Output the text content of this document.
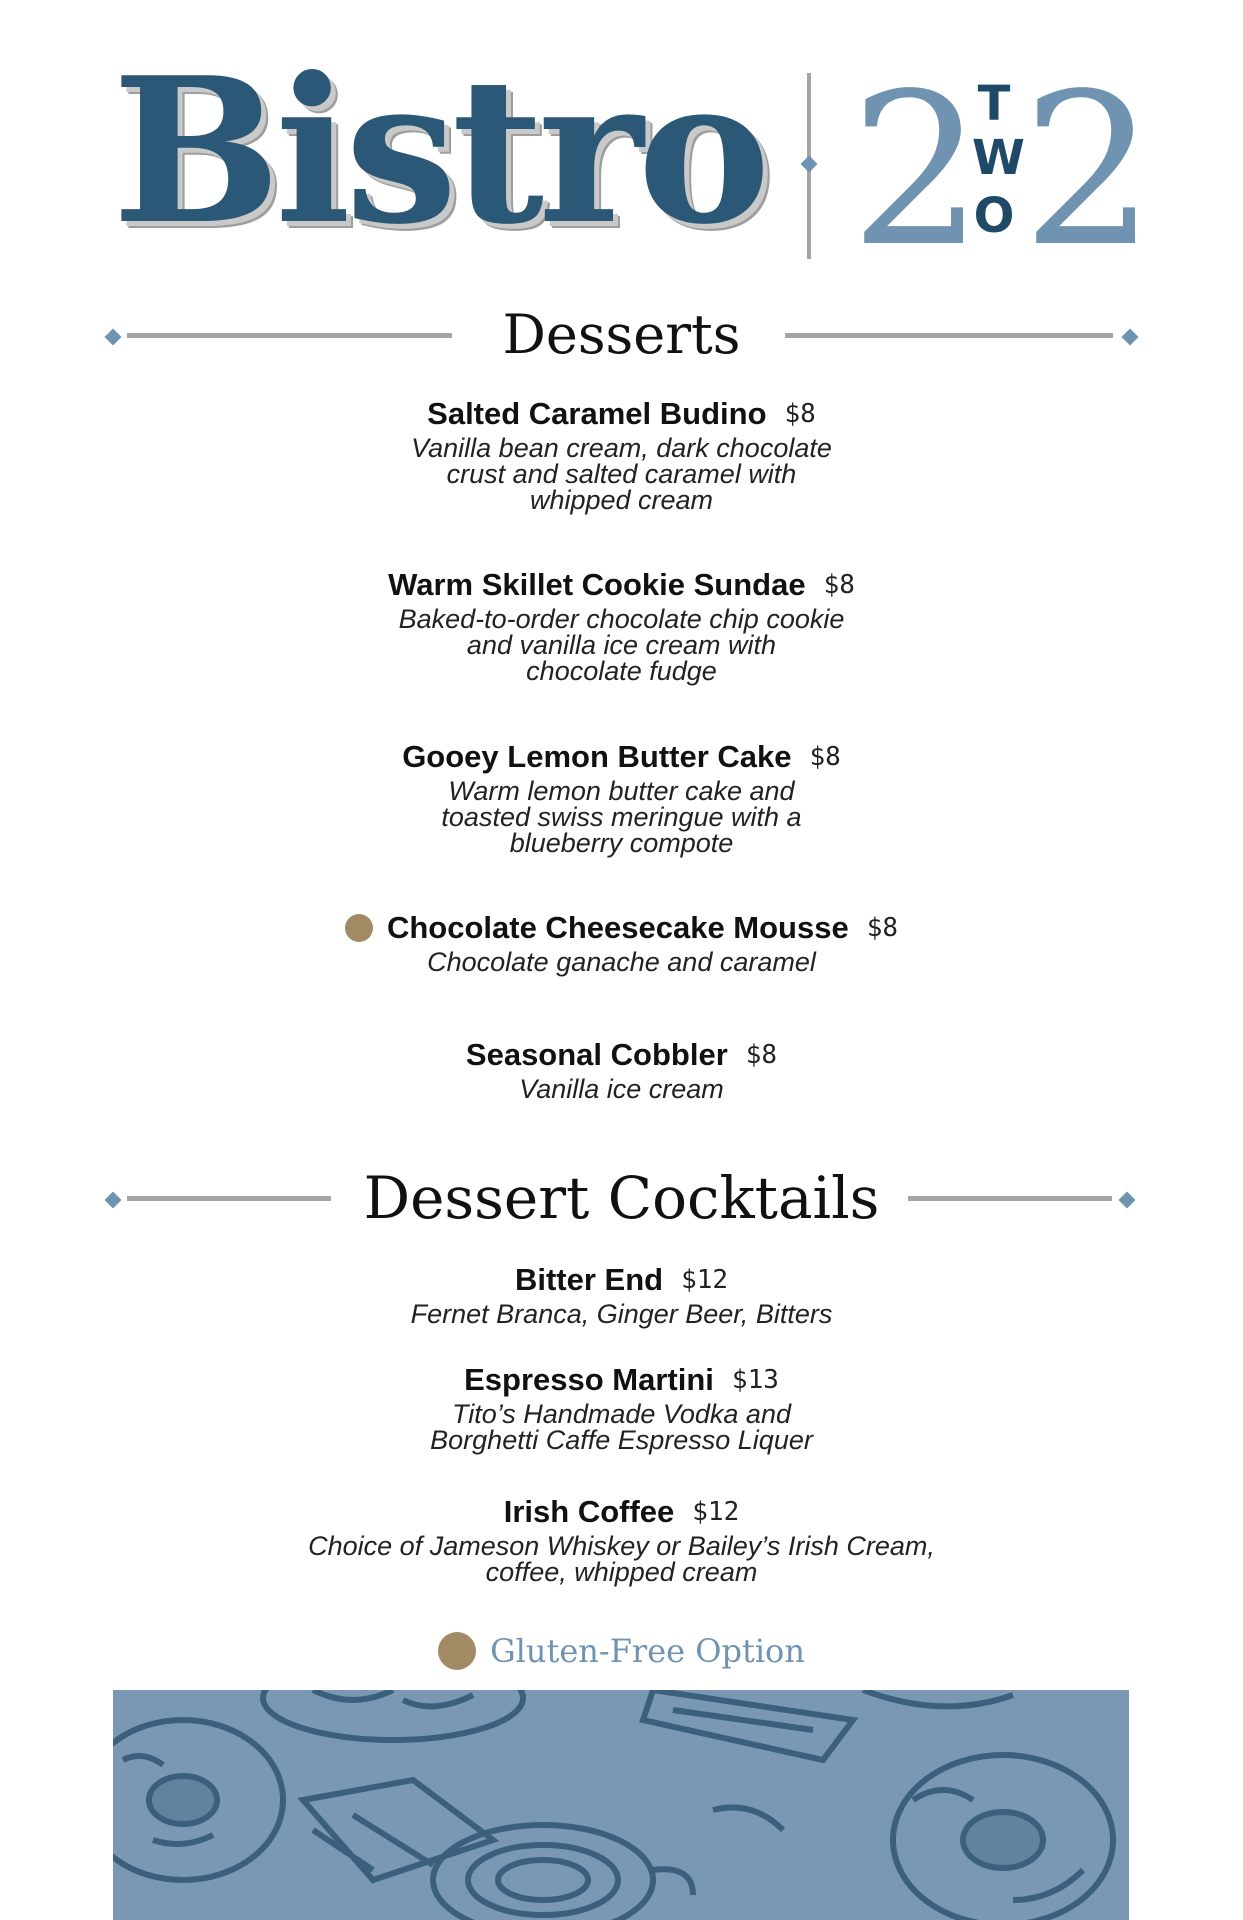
Bistro 2
T
W
O 2
Desserts
Salted Caramel Budino $8
Vanilla bean cream, dark chocolate
crust and salted caramel with
whipped cream
Warm Skillet Cookie Sundae $8
Baked-to-order chocolate chip cookie
and vanilla ice cream with
chocolate fudge
Gooey Lemon Butter Cake $8
Warm lemon butter cake and
toasted swiss meringue with a
blueberry compote
Chocolate Cheesecake Mousse $8
Chocolate ganache and caramel
Seasonal Cobbler $8
Vanilla ice cream
Dessert Cocktails
Bitter End $12
Fernet Branca, Ginger Beer, Bitters
Espresso Martini $13
Tito’s Handmade Vodka and
Borghetti Caffe Espresso Liquer
Irish Coffee $12
Choice of Jameson Whiskey or Bailey’s Irish Cream,
coffee, whipped cream
Gluten-Free Option
